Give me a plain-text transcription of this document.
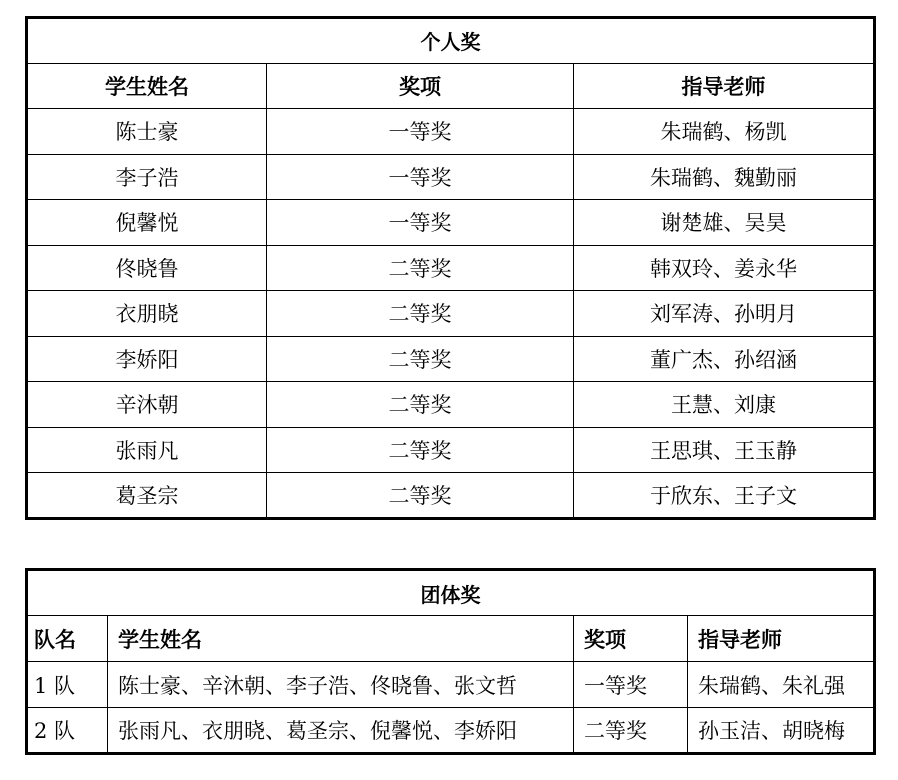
个人奖		
学生姓名	奖项	指导老师
陈士豪	一等奖	朱瑞鹤、杨凯
李子浩	一等奖	朱瑞鹤、魏勤丽
倪馨悦	一等奖	谢楚雄、吴昊
佟晓鲁	二等奖	韩双玲、姜永华
衣朋晓	二等奖	刘军涛、孙明月
李娇阳	二等奖	董广杰、孙绍涵
辛沐朝	二等奖	王慧、刘康
张雨凡	二等奖	王思琪、王玉静
葛圣宗	二等奖	于欣东、王子文
团体奖			
队名	学生姓名	奖项	指导老师
1 队	陈士豪、辛沐朝、李子浩、佟晓鲁、张文哲	一等奖	朱瑞鹤、朱礼强
2 队	张雨凡、衣朋晓、葛圣宗、倪馨悦、李娇阳	二等奖	孙玉洁、胡晓梅
